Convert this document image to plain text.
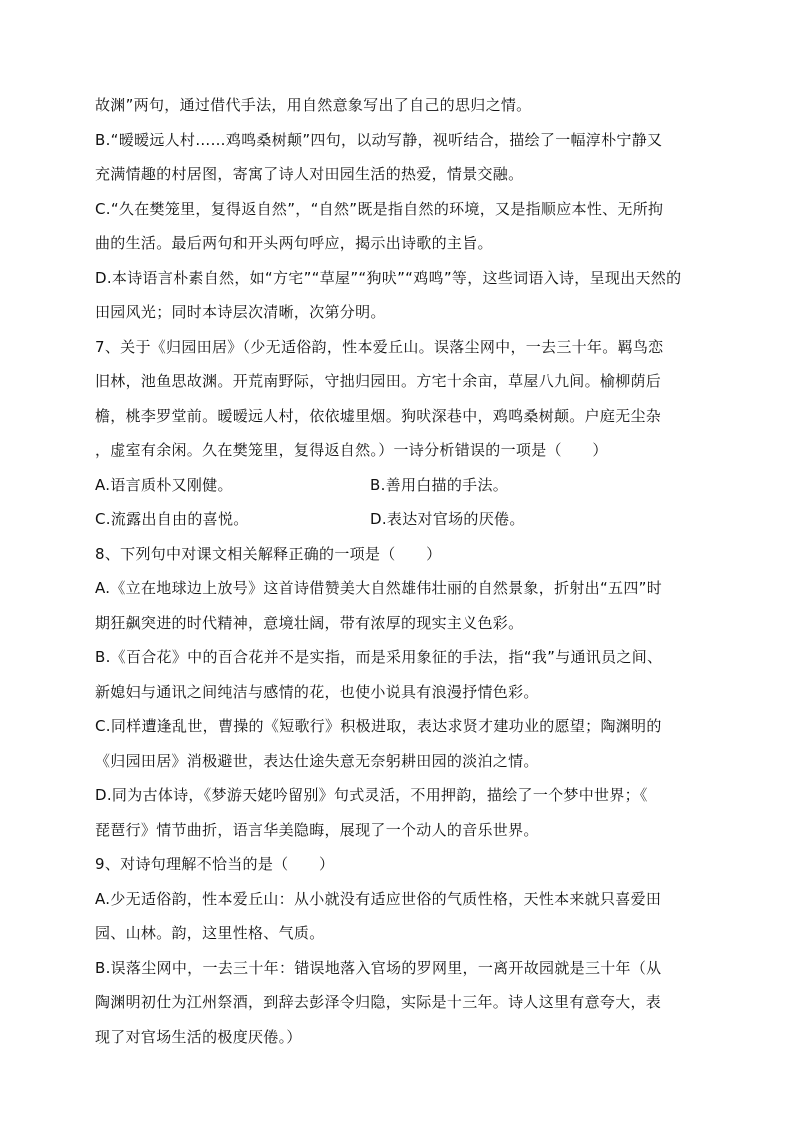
故渊”两句，通过借代手法，用自然意象写出了自己的思归之情。
B.“暧暧远人村……鸡鸣桑树颠”四句，以动写静，视听结合，描绘了一幅淳朴宁静又
充满情趣的村居图，寄寓了诗人对田园生活的热爱，情景交融。
C.“久在樊笼里，复得返自然”，“自然”既是指自然的环境，又是指顺应本性、无所拘
曲的生活。最后两句和开头两句呼应，揭示出诗歌的主旨。
D.本诗语言朴素自然，如“方宅”“草屋”“狗吠”“鸡鸣”等，这些词语入诗，呈现出天然的
田园风光；同时本诗层次清晰，次第分明。
7、关于《归园田居》（少无适俗韵，性本爱丘山。误落尘网中，一去三十年。羁鸟恋
旧林，池鱼思故渊。开荒南野际，守拙归园田。方宅十余亩，草屋八九间。榆柳荫后
檐，桃李罗堂前。暧暧远人村，依依墟里烟。狗吠深巷中，鸡鸣桑树颠。户庭无尘杂
，虚室有余闲。久在樊笼里，复得返自然。）一诗分析错误的一项是（　　）
A.语言质朴又刚健。	B.善用白描的手法。
C.流露出自由的喜悦。	D.表达对官场的厌倦。
8、下列句中对课文相关解释正确的一项是（　　）
A.《立在地球边上放号》这首诗借赞美大自然雄伟壮丽的自然景象，折射出“五四”时
期狂飙突进的时代精神，意境壮阔，带有浓厚的现实主义色彩。
B.《百合花》中的百合花并不是实指，而是采用象征的手法，指“我”与通讯员之间、
新媳妇与通讯之间纯洁与感情的花，也使小说具有浪漫抒情色彩。
C.同样遭逢乱世，曹操的《短歌行》积极进取，表达求贤才建功业的愿望；陶渊明的
《归园田居》消极避世，表达仕途失意无奈躬耕田园的淡泊之情。
D.同为古体诗，《梦游天姥吟留别》句式灵活，不用押韵，描绘了一个梦中世界；《
琵琶行》情节曲折，语言华美隐晦，展现了一个动人的音乐世界。
9、对诗句理解不恰当的是（　　）
A.少无适俗韵，性本爱丘山：从小就没有适应世俗的气质性格，天性本来就只喜爱田
园、山林。韵，这里性格、气质。
B.误落尘网中，一去三十年：错误地落入官场的罗网里，一离开故园就是三十年（从
陶渊明初仕为江州祭酒，到辞去彭泽令归隐，实际是十三年。诗人这里有意夸大，表
现了对官场生活的极度厌倦。）
